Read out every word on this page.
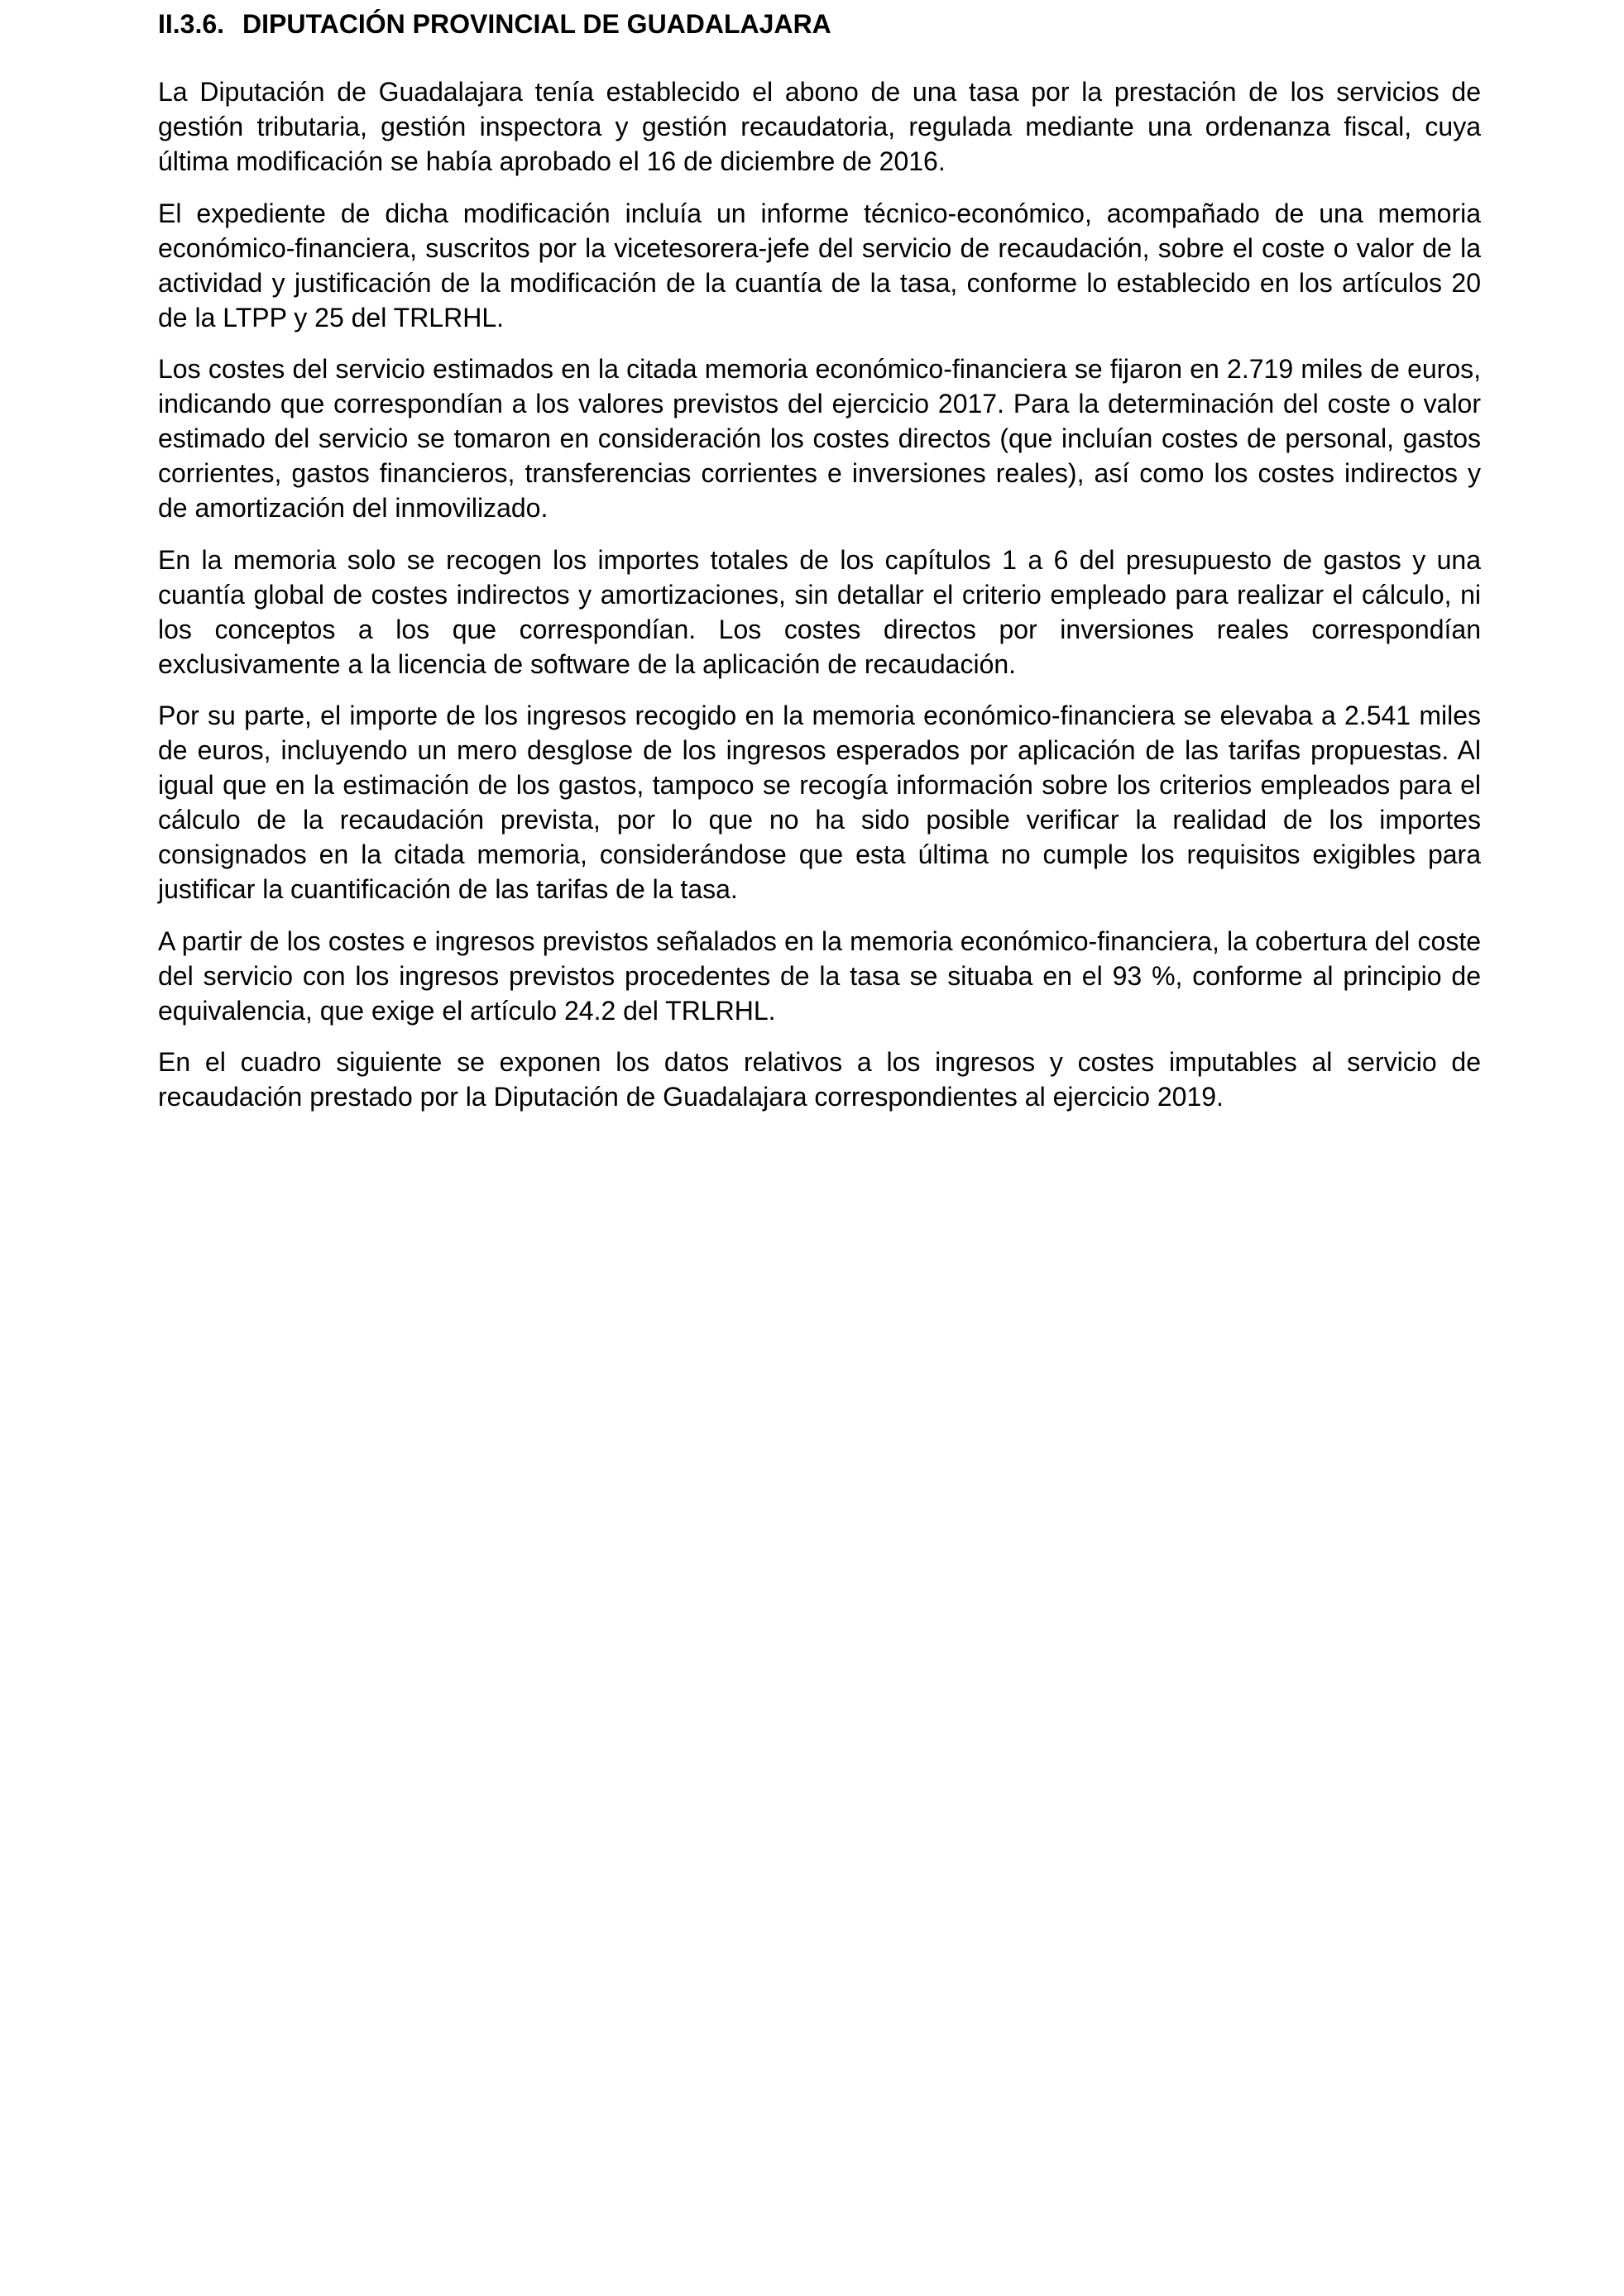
II.3.6. DIPUTACIÓN PROVINCIAL DE GUADALAJARA

La Diputación de Guadalajara tenía establecido el abono de una tasa por la prestación de los servicios de gestión tributaria, gestión inspectora y gestión recaudatoria, regulada mediante una ordenanza fiscal, cuya última modificación se había aprobado el 16 de diciembre de 2016.

El expediente de dicha modificación incluía un informe técnico-económico, acompañado de una memoria económico-financiera, suscritos por la vicetesorera-jefe del servicio de recaudación, sobre el coste o valor de la actividad y justificación de la modificación de la cuantía de la tasa, conforme lo establecido en los artículos 20 de la LTPP y 25 del TRLRHL.

Los costes del servicio estimados en la citada memoria económico-financiera se fijaron en 2.719 miles de euros, indicando que correspondían a los valores previstos del ejercicio 2017. Para la determinación del coste o valor estimado del servicio se tomaron en consideración los costes directos (que incluían costes de personal, gastos corrientes, gastos financieros, transferencias corrientes e inversiones reales), así como los costes indirectos y de amortización del inmovilizado.

En la memoria solo se recogen los importes totales de los capítulos 1 a 6 del presupuesto de gastos y una cuantía global de costes indirectos y amortizaciones, sin detallar el criterio empleado para realizar el cálculo, ni los conceptos a los que correspondían. Los costes directos por inversiones reales correspondían exclusivamente a la licencia de software de la aplicación de recaudación.

Por su parte, el importe de los ingresos recogido en la memoria económico-financiera se elevaba a 2.541 miles de euros, incluyendo un mero desglose de los ingresos esperados por aplicación de las tarifas propuestas. Al igual que en la estimación de los gastos, tampoco se recogía información sobre los criterios empleados para el cálculo de la recaudación prevista, por lo que no ha sido posible verificar la realidad de los importes consignados en la citada memoria, considerándose que esta última no cumple los requisitos exigibles para justificar la cuantificación de las tarifas de la tasa.

A partir de los costes e ingresos previstos señalados en la memoria económico-financiera, la cobertura del coste del servicio con los ingresos previstos procedentes de la tasa se situaba en el 93 %, conforme al principio de equivalencia, que exige el artículo 24.2 del TRLRHL.

En el cuadro siguiente se exponen los datos relativos a los ingresos y costes imputables al servicio de recaudación prestado por la Diputación de Guadalajara correspondientes al ejercicio 2019.
